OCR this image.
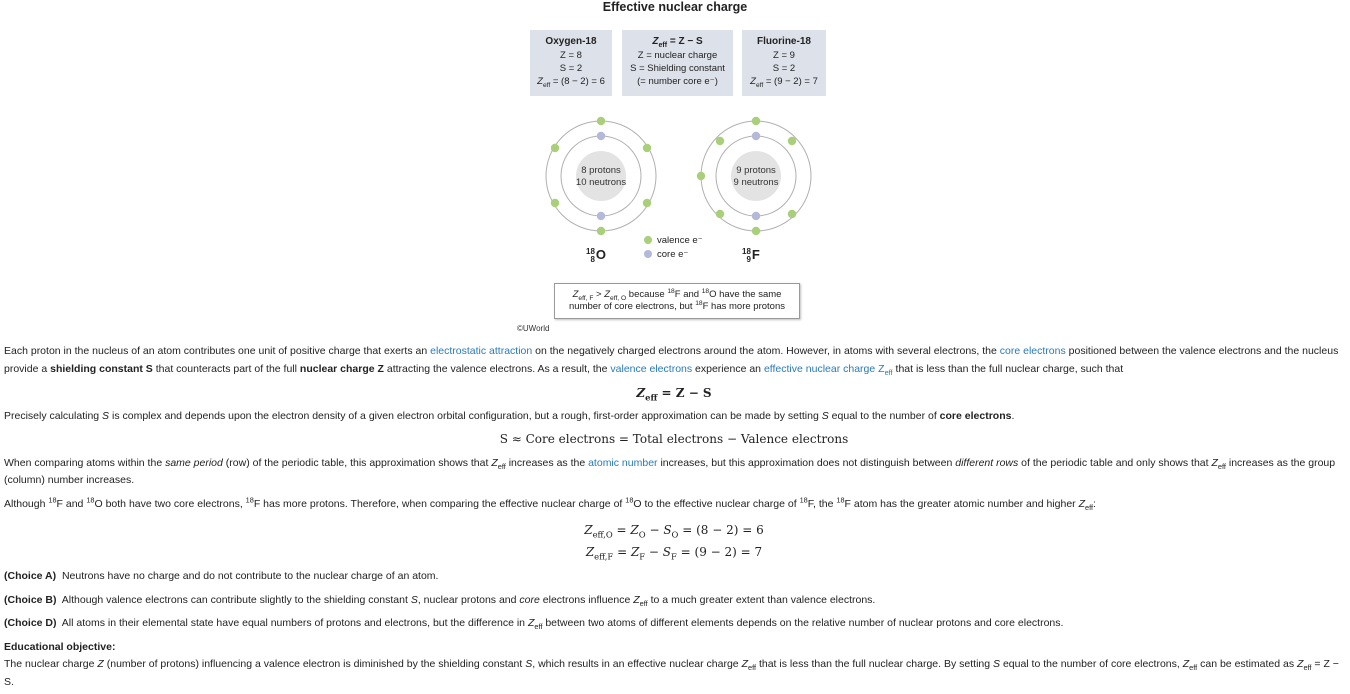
Effective nuclear charge
Oxygen-18
Z = 8
S = 2
$Z_{eff} = (8 - 2) = 6$
$Z_{eff} = Z - S$
Z = nuclear charge
S = Shielding constant
(= number core e⁻)
Fluorine-18
Z = 9
S = 2
$Z_{eff} = (9 - 2) = 7$
8 protons
10 neutrons
9 protons
9 neutrons
18
8 O	18
9 F
valence e⁻
core e⁻
$Z_{eff, F} > Z_{eff, O}$ because $^{18}$F and $^{18}$O have the same
number of core electrons, but $^{18}$F has more protons
©UWorld

Each proton in the nucleus of an atom contributes one unit of positive charge that exerts an electrostatic attraction on the negatively charged electrons around the atom. However, in atoms with several electrons, the core electrons positioned between the valence electrons and the nucleus provide a shielding constant S that counteracts part of the full nuclear charge Z attracting the valence electrons. As a result, the valence electrons experience an effective nuclear charge $Z_{eff}$ that is less than the full nuclear charge, such that

$Z_{eff} = Z - S$

Precisely calculating S is complex and depends upon the electron density of a given electron orbital configuration, but a rough, first-order approximation can be made by setting S equal to the number of core electrons.

S ≈ Core electrons = Total electrons − Valence electrons

When comparing atoms within the same period (row) of the periodic table, this approximation shows that $Z_{eff}$ increases as the atomic number increases, but this approximation does not distinguish between different rows of the periodic table and only shows that $Z_{eff}$ increases as the group (column) number increases.

Although $^{18}$F and $^{18}$O both have two core electrons, $^{18}$F has more protons. Therefore, when comparing the effective nuclear charge of $^{18}$O to the effective nuclear charge of $^{18}$F, the $^{18}$F atom has the greater atomic number and higher $Z_{eff}$:

$Z_{eff,O} = Z_O - S_O = (8 - 2) = 6$

$Z_{eff,F} = Z_F - S_F = (9 - 2) = 7$

(Choice A) Neutrons have no charge and do not contribute to the nuclear charge of an atom.

(Choice B) Although valence electrons can contribute slightly to the shielding constant S, nuclear protons and core electrons influence $Z_{eff}$ to a much greater extent than valence electrons.

(Choice D) All atoms in their elemental state have equal numbers of protons and electrons, but the difference in $Z_{eff}$ between two atoms of different elements depends on the relative number of nuclear protons and core electrons.

Educational objective:

The nuclear charge Z (number of protons) influencing a valence electron is diminished by the shielding constant S, which results in an effective nuclear charge $Z_{eff}$ that is less than the full nuclear charge. By setting S equal to the number of core electrons, $Z_{eff}$ can be estimated as $Z_{eff} = Z - S$.
